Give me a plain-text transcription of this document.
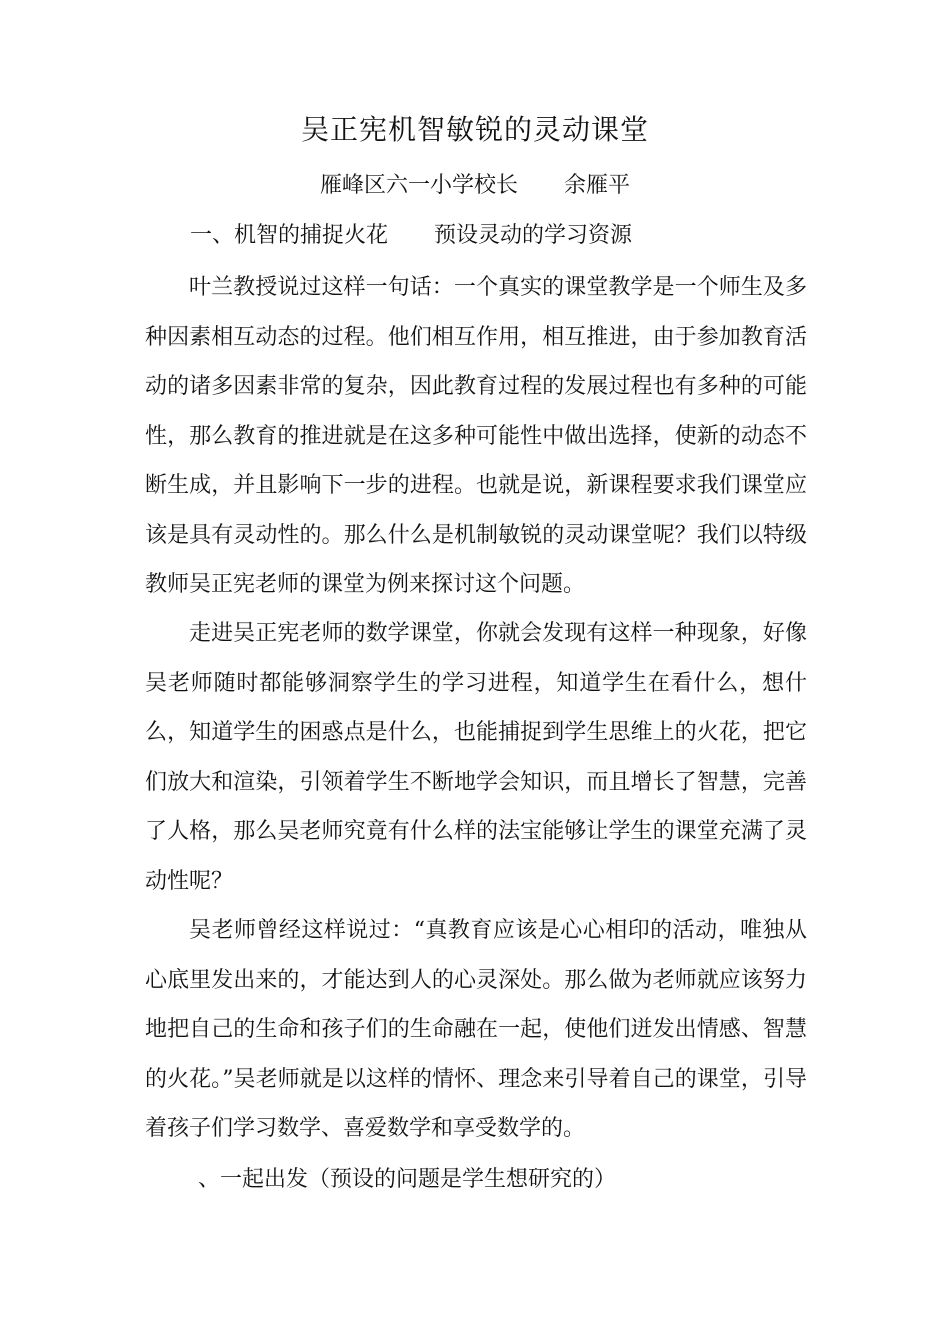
吴正宪机智敏锐的灵动课堂
雁峰区六一小学校长 余雁平
一、机智的捕捉火花 预设灵动的学习资源

叶兰教授说过这样一句话：一个真实的课堂教学是一个师生及多种因素相互动态的过程。他们相互作用，相互推进，由于参加教育活动的诸多因素非常的复杂，因此教育过程的发展过程也有多种的可能性，那么教育的推进就是在这多种可能性中做出选择，使新的动态不断生成，并且影响下一步的进程。也就是说，新课程要求我们课堂应该是具有灵动性的。那么什么是机制敏锐的灵动课堂呢？我们以特级教师吴正宪老师的课堂为例来探讨这个问题。

走进吴正宪老师的数学课堂，你就会发现有这样一种现象，好像吴老师随时都能够洞察学生的学习进程，知道学生在看什么，想什么，知道学生的困惑点是什么，也能捕捉到学生思维上的火花，把它们放大和渲染，引领着学生不断地学会知识，而且增长了智慧，完善了人格，那么吴老师究竟有什么样的法宝能够让学生的课堂充满了灵动性呢？

吴老师曾经这样说过：“真教育应该是心心相印的活动，唯独从心底里发出来的，才能达到人的心灵深处。那么做为老师就应该努力地把自己的生命和孩子们的生命融在一起，使他们迸发出情感、智慧的火花。”吴老师就是以这样的情怀、理念来引导着自己的课堂，引导着孩子们学习数学、喜爱数学和享受数学的。

、一起出发（预设的问题是学生想研究的）
